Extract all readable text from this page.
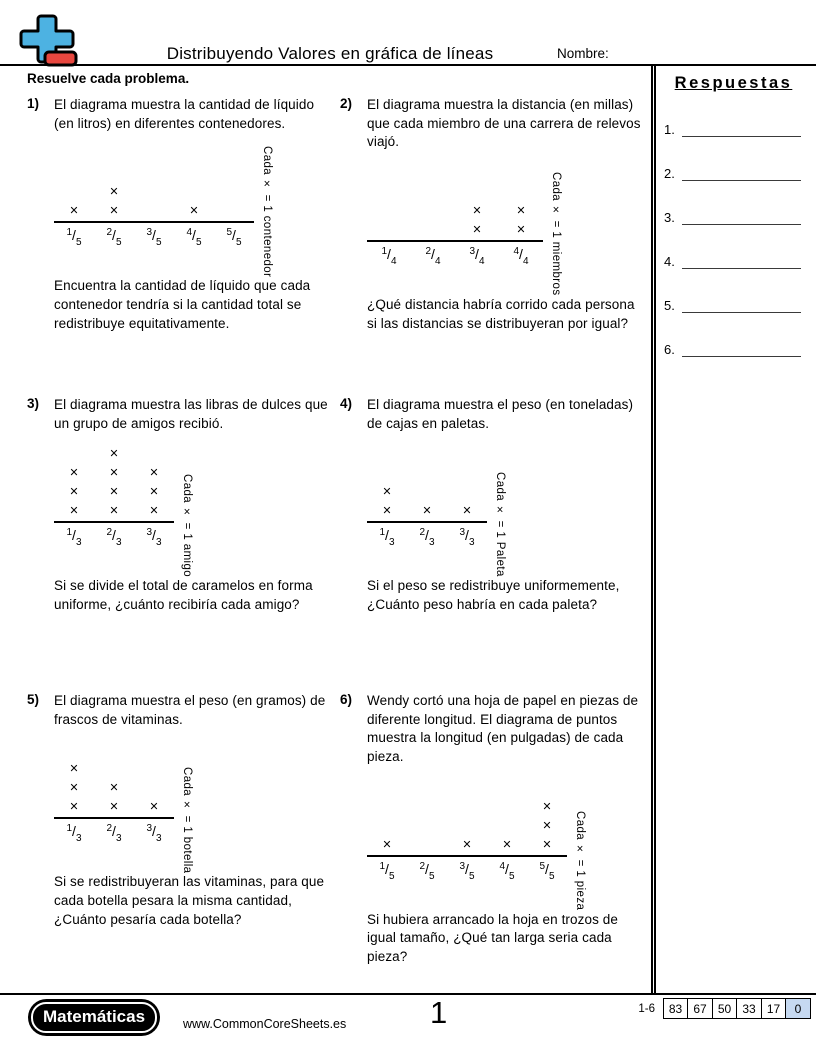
Distribuyendo Valores en gráfica de líneas	Nombre:
Resuelve cada problema.	Respuestas
1.
2.
3.
4.
5.
6.
1) El diagrama muestra la cantidad de líquido (en litros) en diferentes contenedores.
×
×
×	×
$^1/_5$
$^2/_5$
$^3/_5$
$^4/_5$
$^5/_5$	Cada × = 1 contenedor
Encuentra la cantidad de líquido que cada contenedor tendría si la cantidad total se redistribuye equitativamente.
2) El diagrama muestra la distancia (en millas) que cada miembro de una carrera de relevos viajó.
×
×
×
×
$^1/_4$
$^2/_4$
$^3/_4$
$^4/_4$	Cada × = 1 miembros
¿Qué distancia habría corrido cada persona si las distancias se distribuyeran por igual?
3) El diagrama muestra las libras de dulces que un grupo de amigos recibió.
×
×
×
×
×
×
×
×
×
×
$^1/_3$
$^2/_3$
$^3/_3$	Cada × = 1 amigo
Si se divide el total de caramelos en forma uniforme, ¿cuánto recibiría cada amigo?
4) El diagrama muestra el peso (en toneladas) de cajas en paletas.
×
×	×	×
$^1/_3$
$^2/_3$
$^3/_3$	Cada × = 1 Paleta
Si el peso se redistribuye uniformemente, ¿Cuánto peso habría en cada paleta?
5) El diagrama muestra el peso (en gramos) de frascos de vitaminas.
×
×
×
×
×	×
$^1/_3$
$^2/_3$
$^3/_3$	Cada × = 1 botella
Si se redistribuyeran las vitaminas, para que cada botella pesara la misma cantidad, ¿Cuánto pesaría cada botella?
6) Wendy cortó una hoja de papel en piezas de diferente longitud. El diagrama de puntos muestra la longitud (en pulgadas) de cada pieza.
×	×	×
×
×
×
$^1/_5$
$^2/_5$
$^3/_5$
$^4/_5$
$^5/_5$	Cada × = 1 pieza
Si hubiera arrancado la hoja en trozos de igual tamaño, ¿Qué tan larga seria cada pieza?
Matemáticas	www.CommonCoreSheets.es	1	1-6	83 67 50 33 17	0
